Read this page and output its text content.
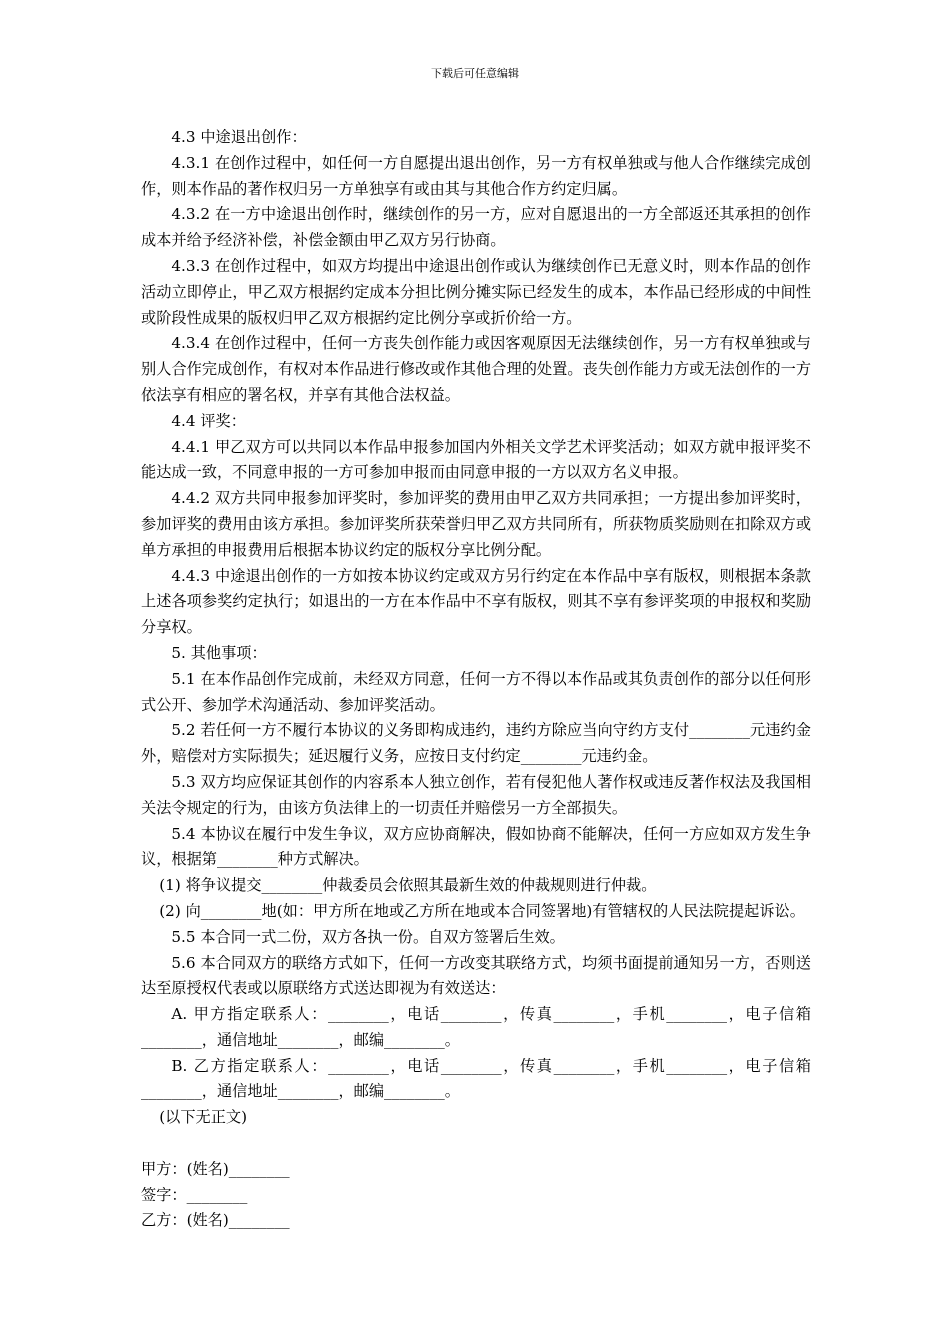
下载后可任意编辑

4.3 中途退出创作：

4.3.1 在创作过程中，如任何一方自愿提出退出创作，另一方有权单独或与他人合作继续完成创作，则本作品的著作权归另一方单独享有或由其与其他合作方约定归属。

4.3.2 在一方中途退出创作时，继续创作的另一方，应对自愿退出的一方全部返还其承担的创作成本并给予经济补偿，补偿金额由甲乙双方另行协商。

4.3.3 在创作过程中，如双方均提出中途退出创作或认为继续创作已无意义时，则本作品的创作活动立即停止，甲乙双方根据约定成本分担比例分摊实际已经发生的成本，本作品已经形成的中间性或阶段性成果的版权归甲乙双方根据约定比例分享或折价给一方。

4.3.4 在创作过程中，任何一方丧失创作能力或因客观原因无法继续创作，另一方有权单独或与别人合作完成创作，有权对本作品进行修改或作其他合理的处置。丧失创作能力方或无法创作的一方依法享有相应的署名权，并享有其他合法权益。

4.4 评奖：

4.4.1 甲乙双方可以共同以本作品申报参加国内外相关文学艺术评奖活动；如双方就申报评奖不能达成一致，不同意申报的一方可参加申报而由同意申报的一方以双方名义申报。

4.4.2 双方共同申报参加评奖时，参加评奖的费用由甲乙双方共同承担；一方提出参加评奖时，参加评奖的费用由该方承担。参加评奖所获荣誉归甲乙双方共同所有，所获物质奖励则在扣除双方或单方承担的申报费用后根据本协议约定的版权分享比例分配。

4.4.3 中途退出创作的一方如按本协议约定或双方另行约定在本作品中享有版权，则根据本条款上述各项参奖约定执行；如退出的一方在本作品中不享有版权，则其不享有参评奖项的申报权和奖励分享权。

5. 其他事项：

5.1 在本作品创作完成前，未经双方同意，任何一方不得以本作品或其负责创作的部分以任何形式公开、参加学术沟通活动、参加评奖活动。

5.2 若任何一方不履行本协议的义务即构成违约，违约方除应当向守约方支付________元违约金外，赔偿对方实际损失；延迟履行义务，应按日支付约定________元违约金。

5.3 双方均应保证其创作的内容系本人独立创作，若有侵犯他人著作权或违反著作权法及我国相关法令规定的行为，由该方负法律上的一切责任并赔偿另一方全部损失。

5.4 本协议在履行中发生争议，双方应协商解决，假如协商不能解决，任何一方应如双方发生争议，根据第________种方式解决。

(1) 将争议提交________仲裁委员会依照其最新生效的仲裁规则进行仲裁。

(2) 向________地(如：甲方所在地或乙方所在地或本合同签署地)有管辖权的人民法院提起诉讼。

5.5 本合同一式二份，双方各执一份。自双方签署后生效。

5.6 本合同双方的联络方式如下，任何一方改变其联络方式，均须书面提前通知另一方，否则送达至原授权代表或以原联络方式送达即视为有效送达：

A. 甲方指定联系人：________，电话________，传真________，手机________，电子信箱________，通信地址________，邮编________。

B. 乙方指定联系人：________，电话________，传真________，手机________，电子信箱________，通信地址________，邮编________。

(以下无正文)

甲方：(姓名)________

签字：________

乙方：(姓名)________
